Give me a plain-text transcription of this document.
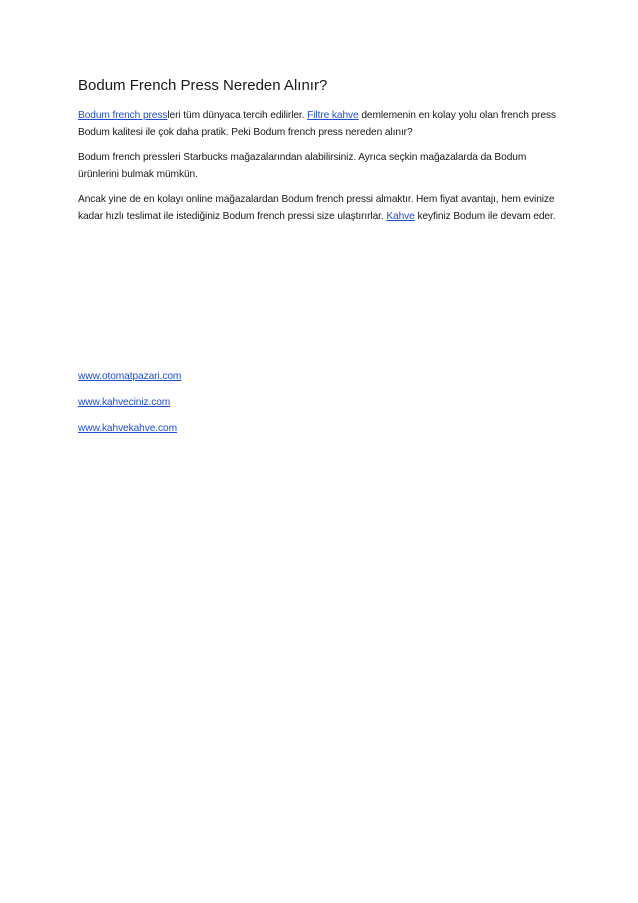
Bodum French Press Nereden Alınır?

Bodum french pressleri tüm dünyaca tercih edilirler. Filtre kahve demlemenin en kolay yolu olan french press Bodum kalitesi ile çok daha pratik. Peki Bodum french press nereden alınır?

Bodum french pressleri Starbucks mağazalarından alabilirsiniz. Ayrıca seçkin mağazalarda da Bodum ürünlerini bulmak mümkün.

Ancak yine de en kolayı online mağazalardan Bodum french pressi almaktır. Hem fiyat avantajı, hem evinize kadar hızlı teslimat ile istediğiniz Bodum french pressi size ulaştırırlar. Kahve keyfiniz Bodum ile devam eder.

www.otomatpazari.com

www.kahveciniz.com

www.kahvekahve.com
